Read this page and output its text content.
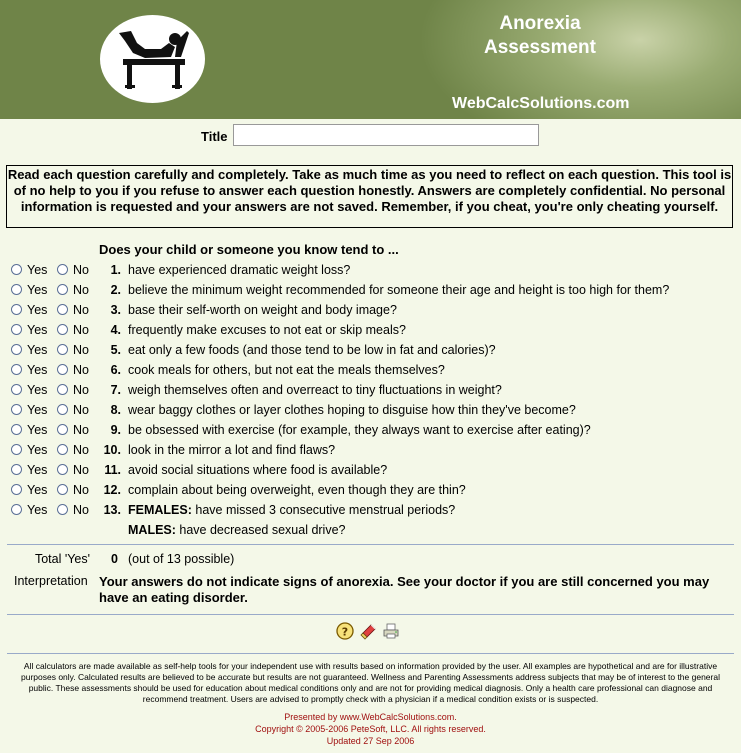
Anorexia
Assessment
WebCalcSolutions.com
Title
Read each question carefully and completely. Take as much time as you need to reflect on each question. This tool is of no help to you if you refuse to answer each question honestly. Answers are completely confidential. No personal information is requested and your answers are not saved. Remember, if you cheat, you're only cheating yourself.
Does your child or someone you know tend to ...
Yes No 1. have experienced dramatic weight loss?
Yes No 2. believe the minimum weight recommended for someone their age and height is too high for them?
Yes No 3. base their self-worth on weight and body image?
Yes No 4. frequently make excuses to not eat or skip meals?
Yes No 5. eat only a few foods (and those tend to be low in fat and calories)?
Yes No 6. cook meals for others, but not eat the meals themselves?
Yes No 7. weigh themselves often and overreact to tiny fluctuations in weight?
Yes No 8. wear baggy clothes or layer clothes hoping to disguise how thin they've become?
Yes No 9. be obsessed with exercise (for example, they always want to exercise after eating)?
Yes No 10. look in the mirror a lot and find flaws?
Yes No 11. avoid social situations where food is available?
Yes No 12. complain about being overweight, even though they are thin?
Yes No 13. FEMALES: have missed 3 consecutive menstrual periods?
MALES: have decreased sexual drive?
Total 'Yes' 0 (out of 13 possible)
Interpretation Your answers do not indicate signs of anorexia. See your doctor if you are still concerned you may have an eating disorder.
?
All calculators are made available as self-help tools for your independent use with results based on information provided by the user. All examples are hypothetical and are for illustrative purposes only. Calculated results are believed to be accurate but results are not guaranteed. Wellness and Parenting Assessments address subjects that may be of interest to the general public. These assessments should be used for education about medical conditions only and are not for providing medical diagnosis. Only a health care professional can diagnose and recommend treatment. Users are advised to promptly check with a physician if a medical condition exists or is suspected.
Presented by www.WebCalcSolutions.com.
Copyright © 2005-2006 PeteSoft, LLC. All rights reserved.
Updated 27 Sep 2006
